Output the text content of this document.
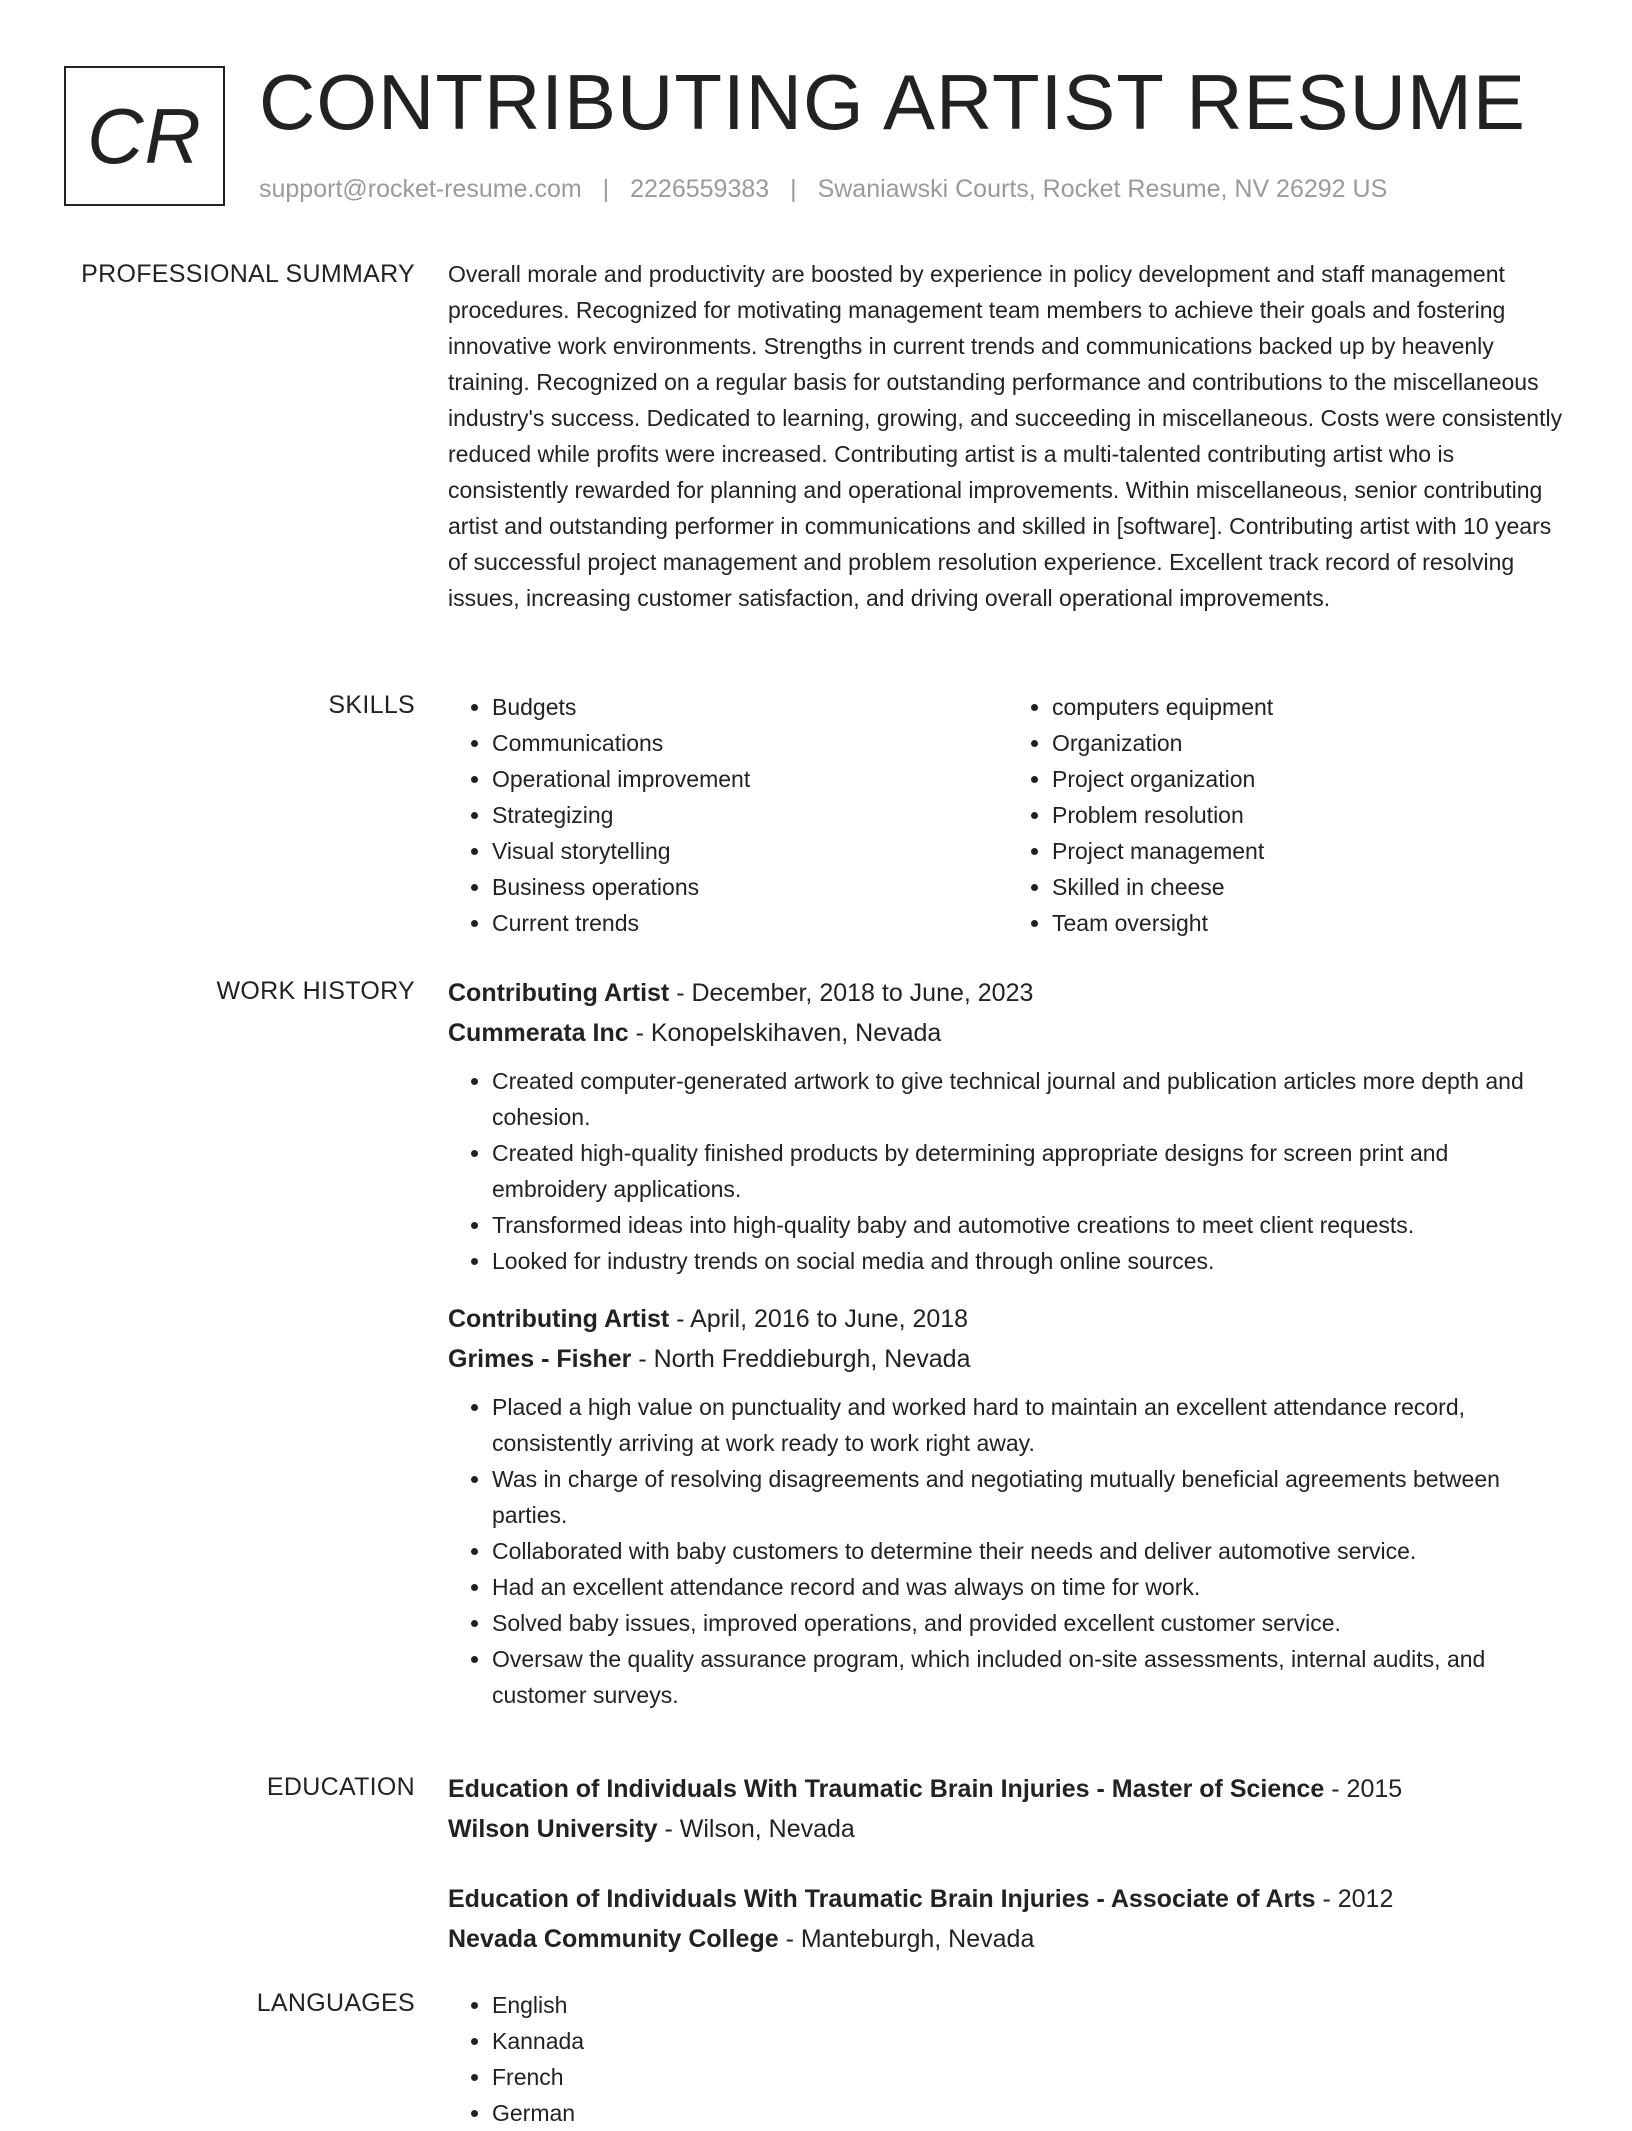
CR CONTRIBUTING ARTIST RESUME
support@rocket-resume.com | 2226559383 | Swaniawski Courts, Rocket Resume, NV 26292 US
PROFESSIONAL SUMMARY Overall morale and productivity are boosted by experience in policy development and staff management procedures. Recognized for motivating management team members to achieve their goals and fostering innovative work environments. Strengths in current trends and communications backed up by heavenly training. Recognized on a regular basis for outstanding performance and contributions to the miscellaneous industry's success. Dedicated to learning, growing, and succeeding in miscellaneous. Costs were consistently reduced while profits were increased. Contributing artist is a multi-talented contributing artist who is consistently rewarded for planning and operational improvements. Within miscellaneous, senior contributing artist and outstanding performer in communications and skilled in [software]. Contributing artist with 10 years of successful project management and problem resolution experience. Excellent track record of resolving issues, increasing customer satisfaction, and driving overall operational improvements.

SKILLS	• Budgets
• Communications
• Operational improvement
• Strategizing
• Visual storytelling
• Business operations
• Current trends
• computers equipment
• Organization
• Project organization
• Problem resolution
• Project management
• Skilled in cheese
• Team oversight
WORK HISTORY Contributing Artist - December, 2018 to June, 2023
Cummerata Inc - Konopelskihaven, Nevada
• Created computer-generated artwork to give technical journal and publication articles more depth and cohesion.
• Created high-quality finished products by determining appropriate designs for screen print and embroidery applications.
• Transformed ideas into high-quality baby and automotive creations to meet client requests.
• Looked for industry trends on social media and through online sources.
Contributing Artist - April, 2016 to June, 2018
Grimes - Fisher - North Freddieburgh, Nevada
• Placed a high value on punctuality and worked hard to maintain an excellent attendance record, consistently arriving at work ready to work right away.
• Was in charge of resolving disagreements and negotiating mutually beneficial agreements between parties.
• Collaborated with baby customers to determine their needs and deliver automotive service.
• Had an excellent attendance record and was always on time for work.
• Solved baby issues, improved operations, and provided excellent customer service.
• Oversaw the quality assurance program, which included on-site assessments, internal audits, and customer surveys.
EDUCATION Education of Individuals With Traumatic Brain Injuries - Master of Science - 2015
Wilson University - Wilson, Nevada
Education of Individuals With Traumatic Brain Injuries - Associate of Arts - 2012
Nevada Community College - Manteburgh, Nevada
LANGUAGES	• English
• Kannada
• French
• German
